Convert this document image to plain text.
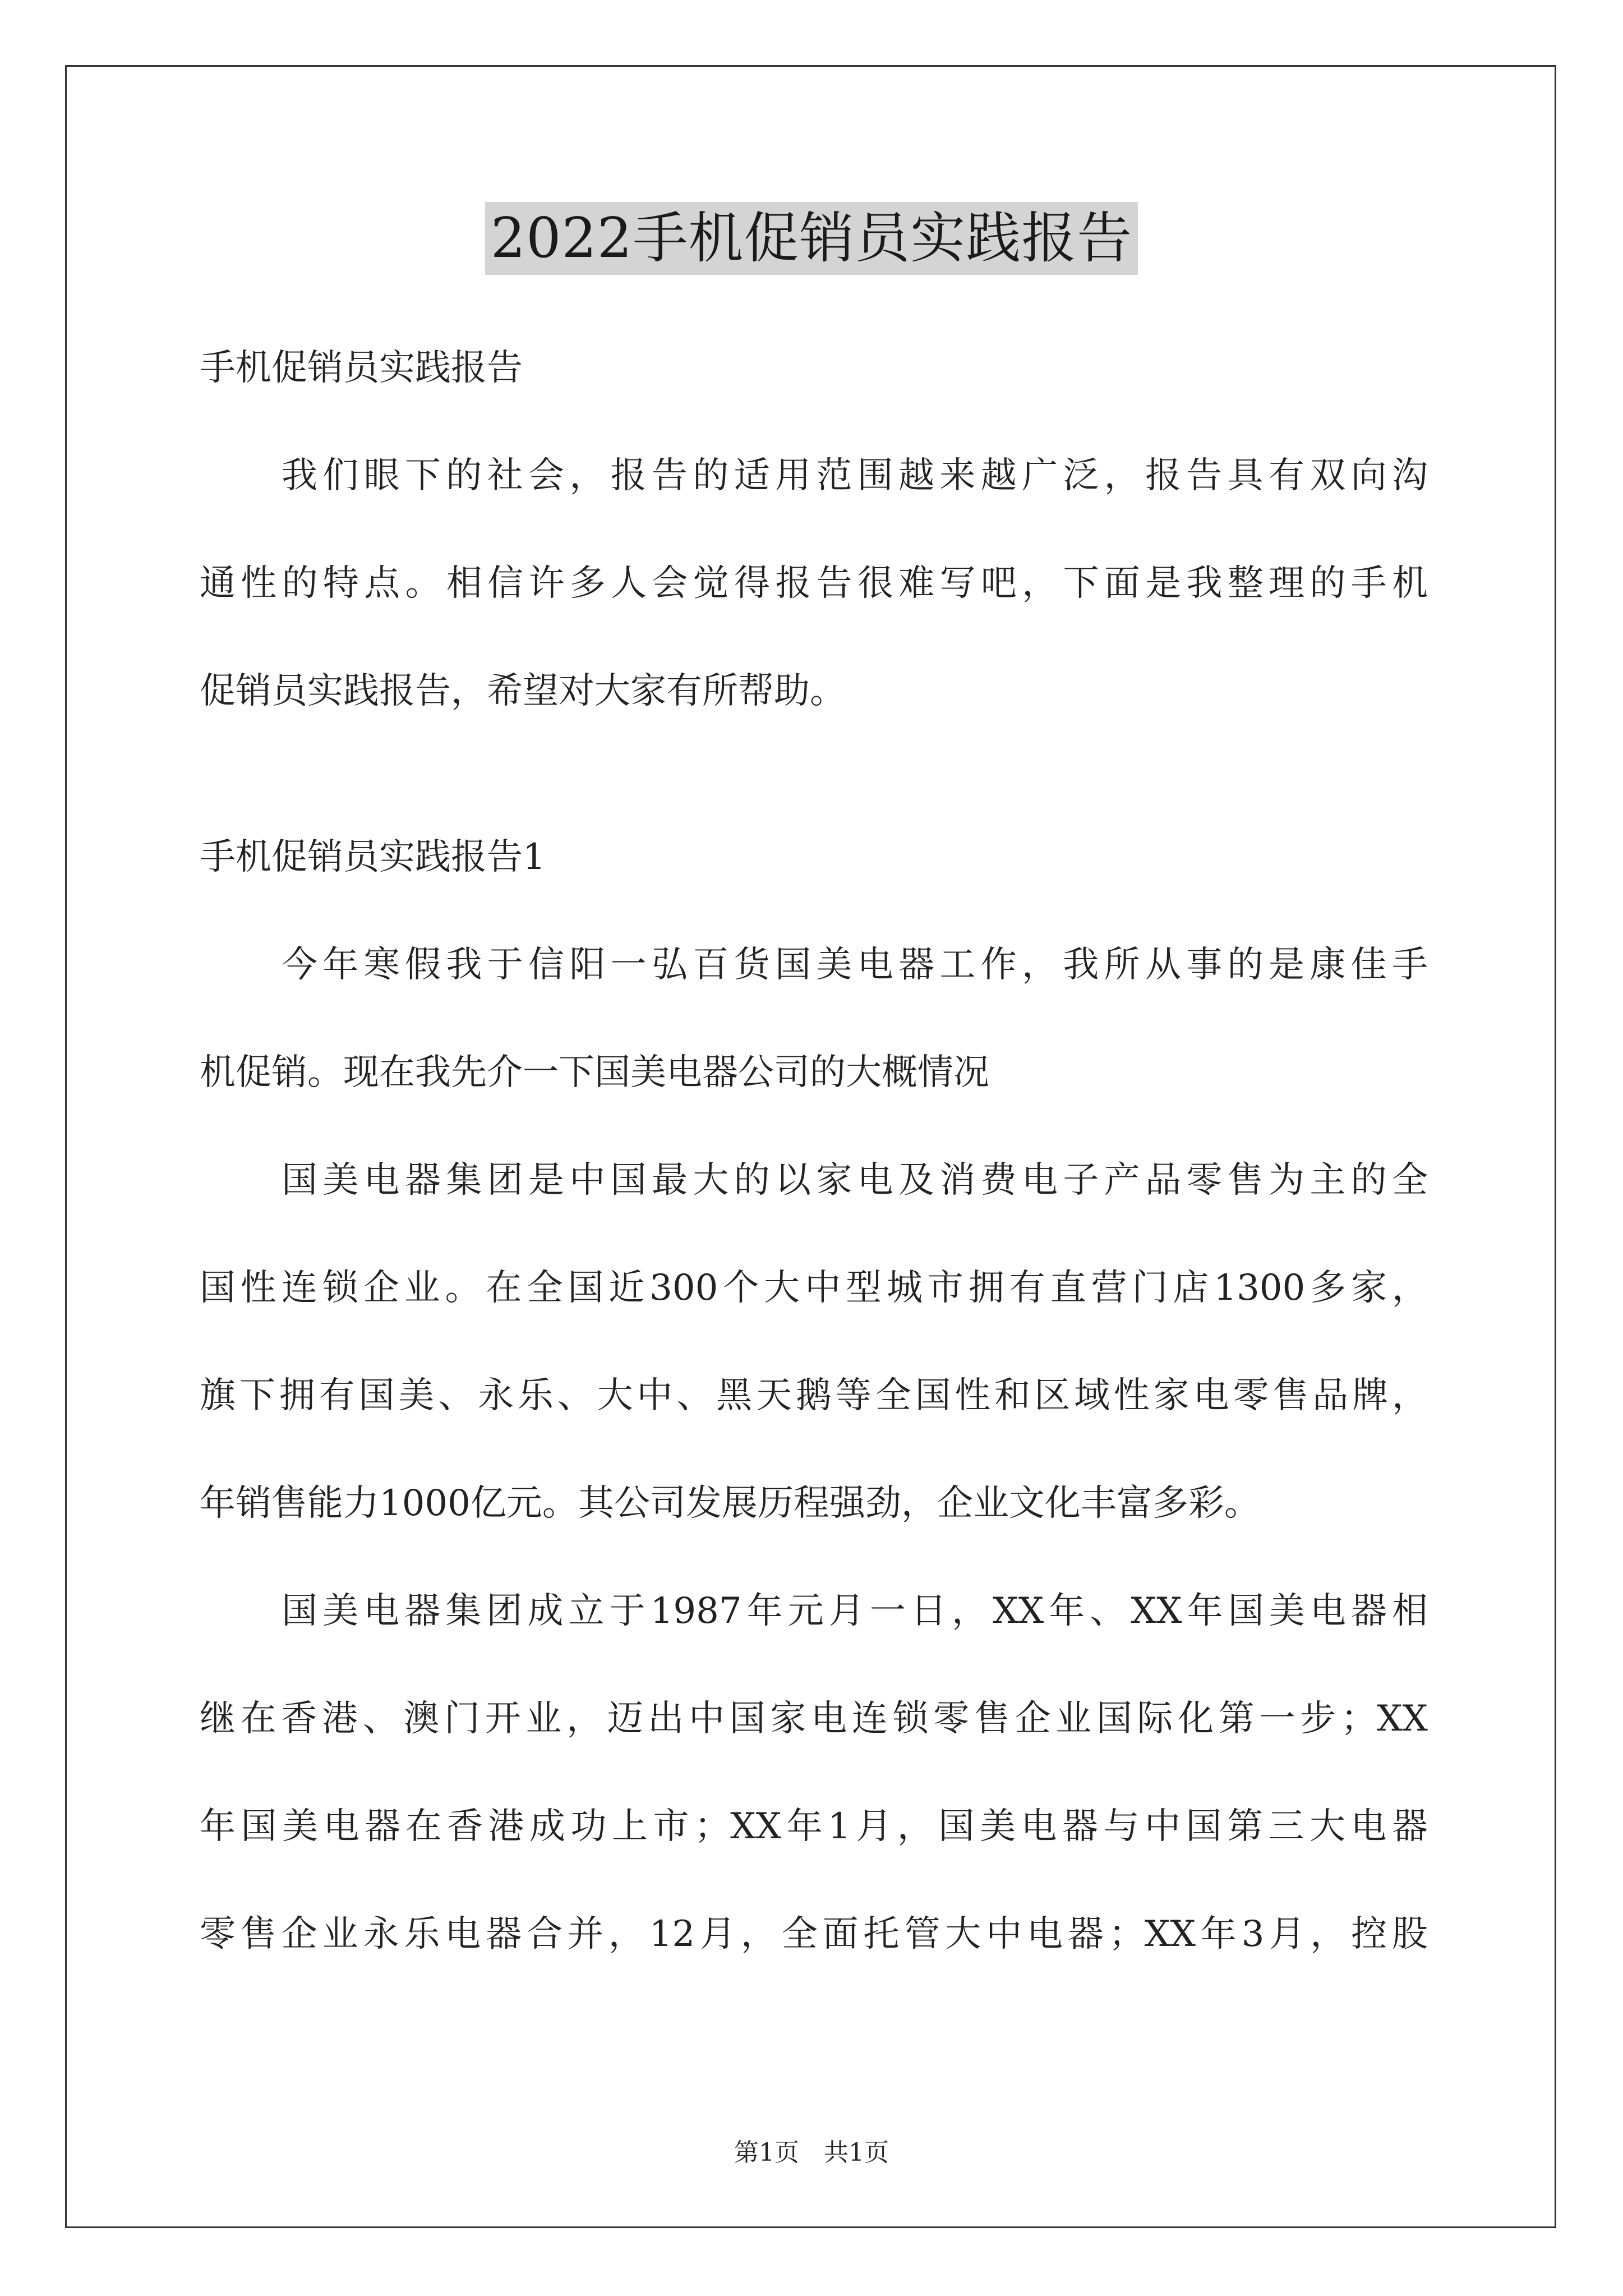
2022手机促销员实践报告
手机促销员实践报告
我们眼下的社会，报告的适用范围越来越广泛，报告具有双向沟
通性的特点。相信许多人会觉得报告很难写吧，下面是我整理的手机
促销员实践报告，希望对大家有所帮助。
手机促销员实践报告1
今年寒假我于信阳一弘百货国美电器工作，我所从事的是康佳手
机促销。现在我先介一下国美电器公司的大概情况
国美电器集团是中国最大的以家电及消费电子产品零售为主的全
国性连锁企业。在全国近300个大中型城市拥有直营门店1300多家，
旗下拥有国美、永乐、大中、黑天鹅等全国性和区域性家电零售品牌，
年销售能力1000亿元。其公司发展历程强劲，企业文化丰富多彩。
国美电器集团成立于1987年元月一日，XX年、XX年国美电器相
继在香港、澳门开业，迈出中国家电连锁零售企业国际化第一步；XX
年国美电器在香港成功上市；XX年1月，国美电器与中国第三大电器
零售企业永乐电器合并，12月，全面托管大中电器；XX年3月，控股
第1页　共1页
